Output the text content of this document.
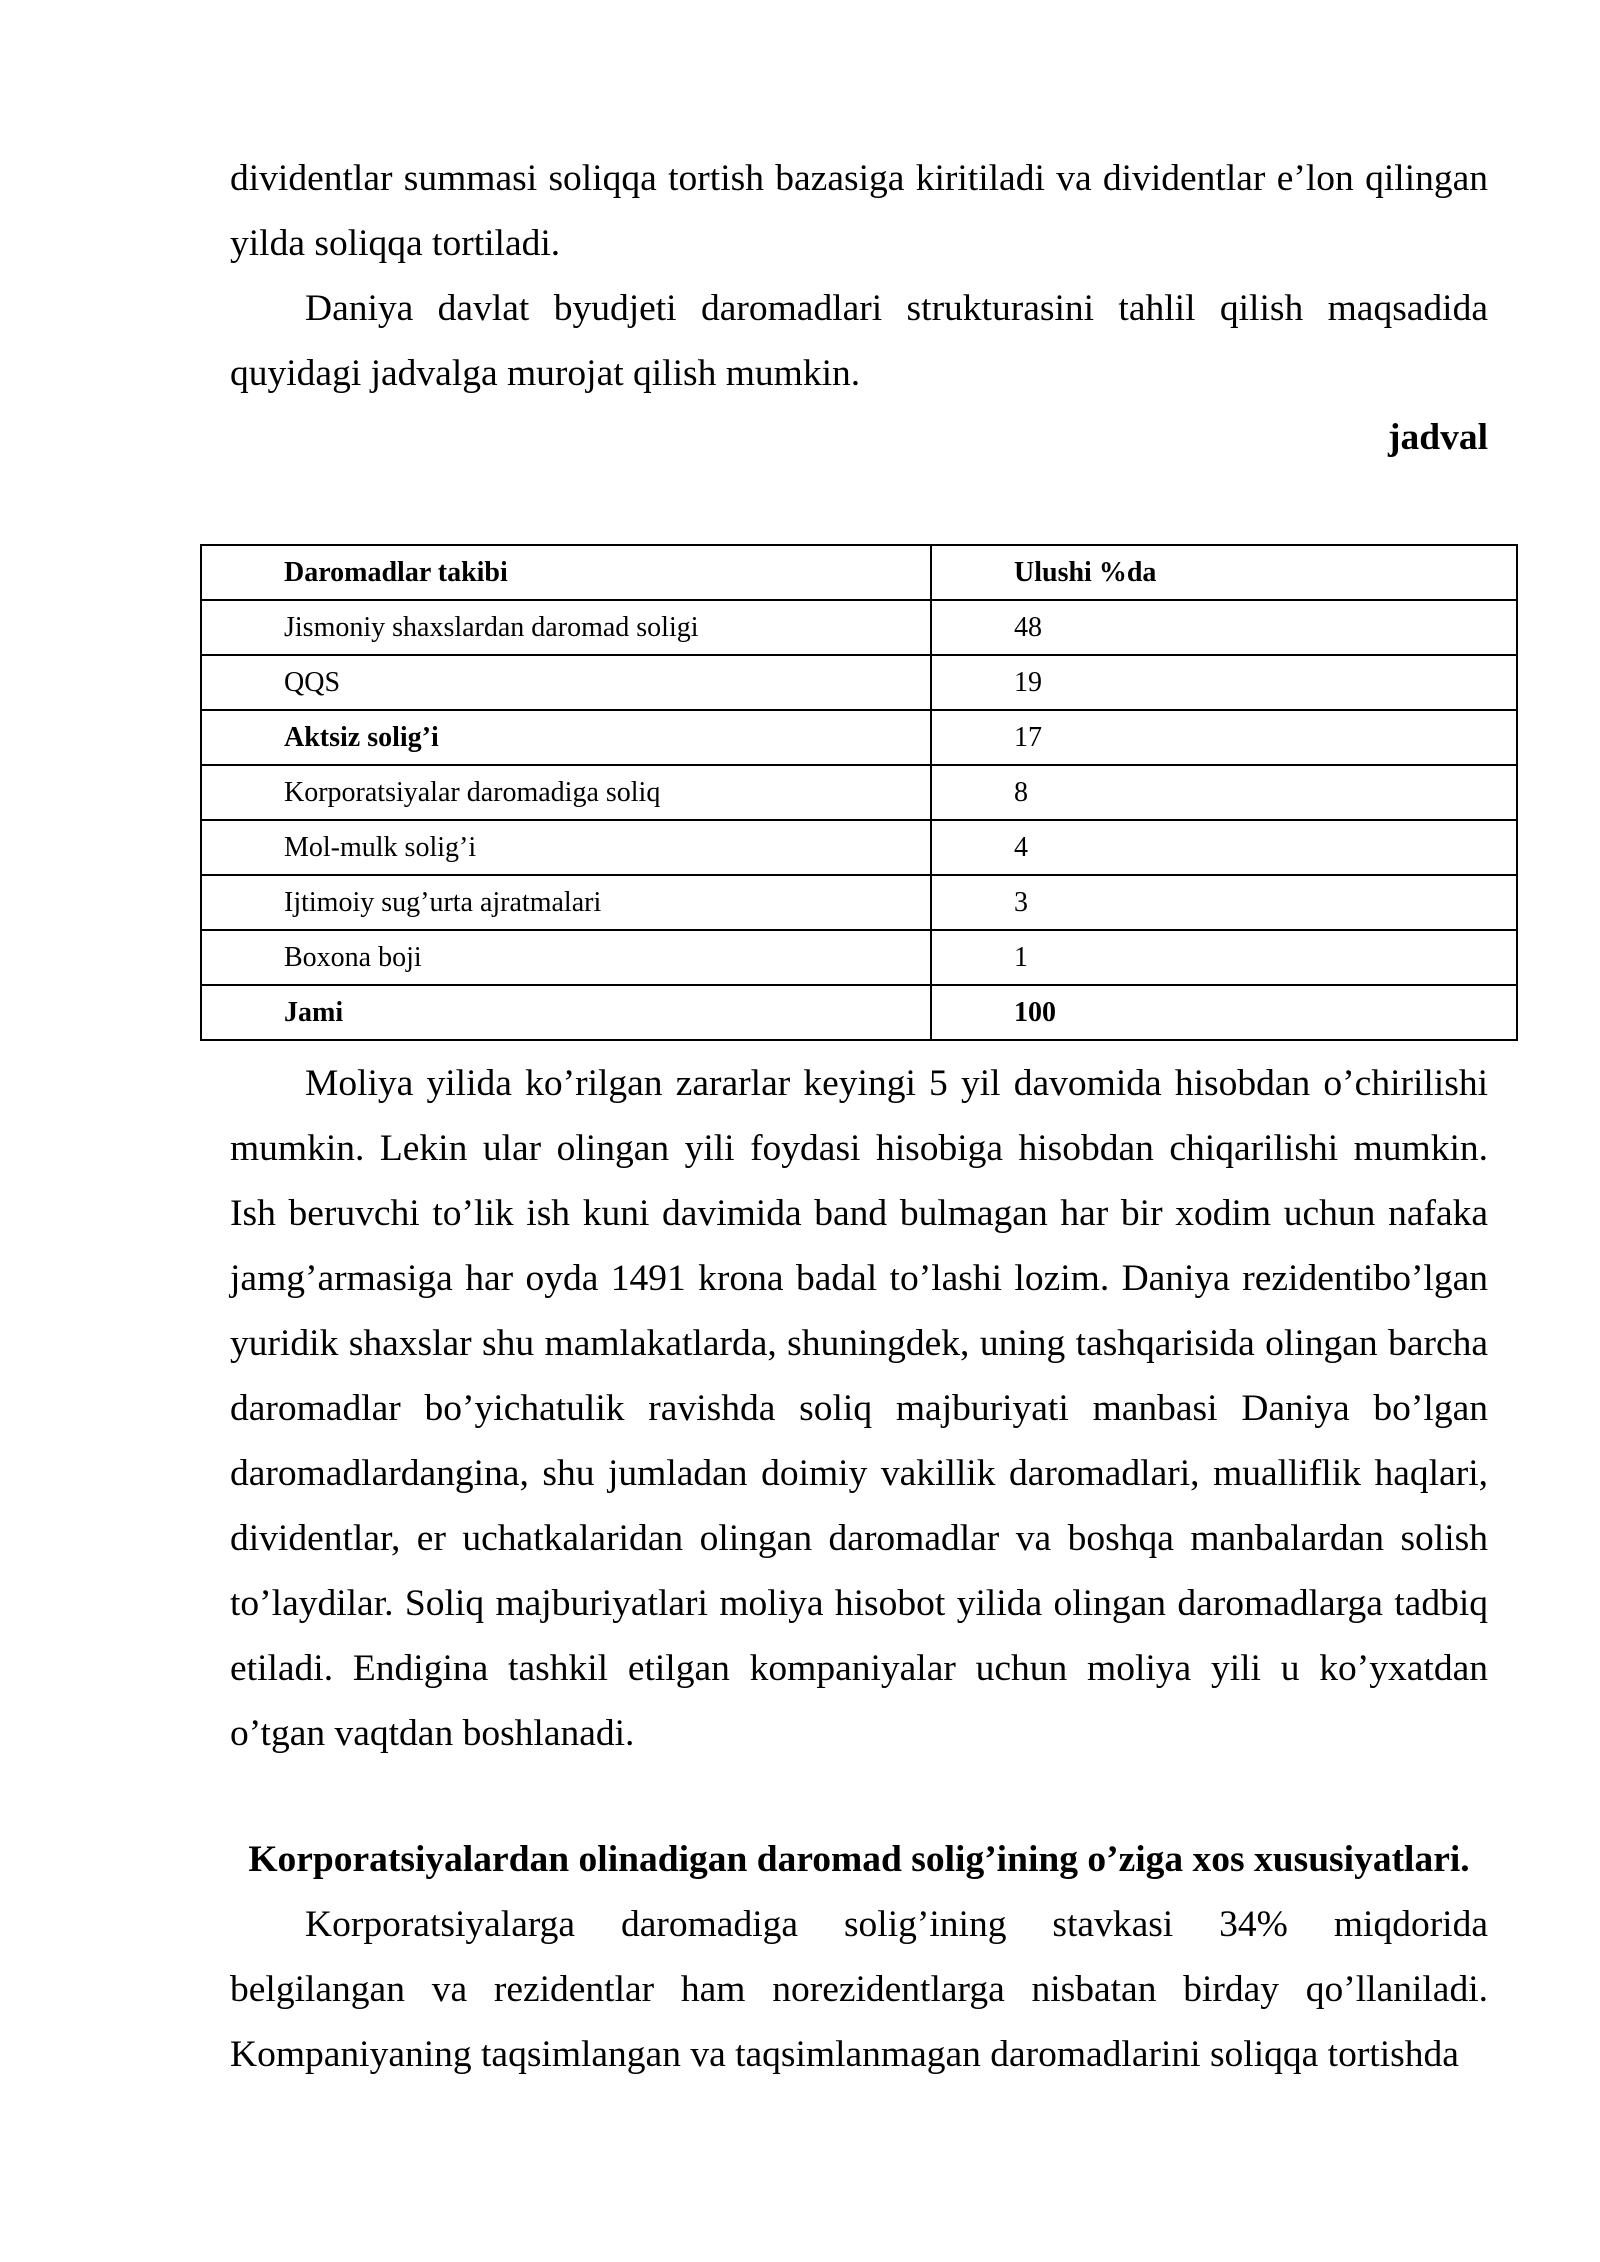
dividentlar summasi soliqqa tortish bazasiga kiritiladi va dividentlar e’lon qilingan yilda soliqqa tortiladi.

Daniya davlat byudjeti daromadlari strukturasini tahlil qilish maqsadida quyidagi jadvalga murojat qilish mumkin.

jadval
Daromadlar takibi	Ulushi %da
Jismoniy shaxslardan daromad soligi	48
QQS	19
Aktsiz solig’i	17
Korporatsiyalar daromadiga soliq	8
Mol-mulk solig’i	4
Ijtimoiy sug’urta ajratmalari	3
Boxona boji	1
Jami	100

Moliya yilida ko’rilgan zararlar keyingi 5 yil davomida hisobdan o’chirilishi mumkin. Lekin ular olingan yili foydasi hisobiga hisobdan chiqarilishi mumkin. Ish beruvchi to’lik ish kuni davimida band bulmagan har bir xodim uchun nafaka jamg’armasiga har oyda 1491 krona badal to’lashi lozim. Daniya rezidentibo’lgan yuridik shaxslar shu mamlakatlarda, shuningdek, uning tashqarisida olingan barcha daromadlar bo’yichatulik ravishda soliq majburiyati manbasi Daniya bo’lgan daromadlardangina, shu jumladan doimiy vakillik daromadlari, mualliflik haqlari, dividentlar, er uchatkalaridan olingan daromadlar va boshqa manbalardan solish to’laydilar. Soliq majburiyatlari moliya hisobot yilida olingan daromadlarga tadbiq etiladi. Endigina tashkil etilgan kompaniyalar uchun moliya yili u ko’yxatdan o’tgan vaqtdan boshlanadi.

Korporatsiyalardan olinadigan daromad solig’ining o’ziga xos xususiyatlari.

Korporatsiyalarga daromadiga solig’ining stavkasi 34% miqdorida belgilangan va rezidentlar ham norezidentlarga nisbatan birday qo’llaniladi. Kompaniyaning taqsimlangan va taqsimlanmagan daromadlarini soliqqa tortishda
